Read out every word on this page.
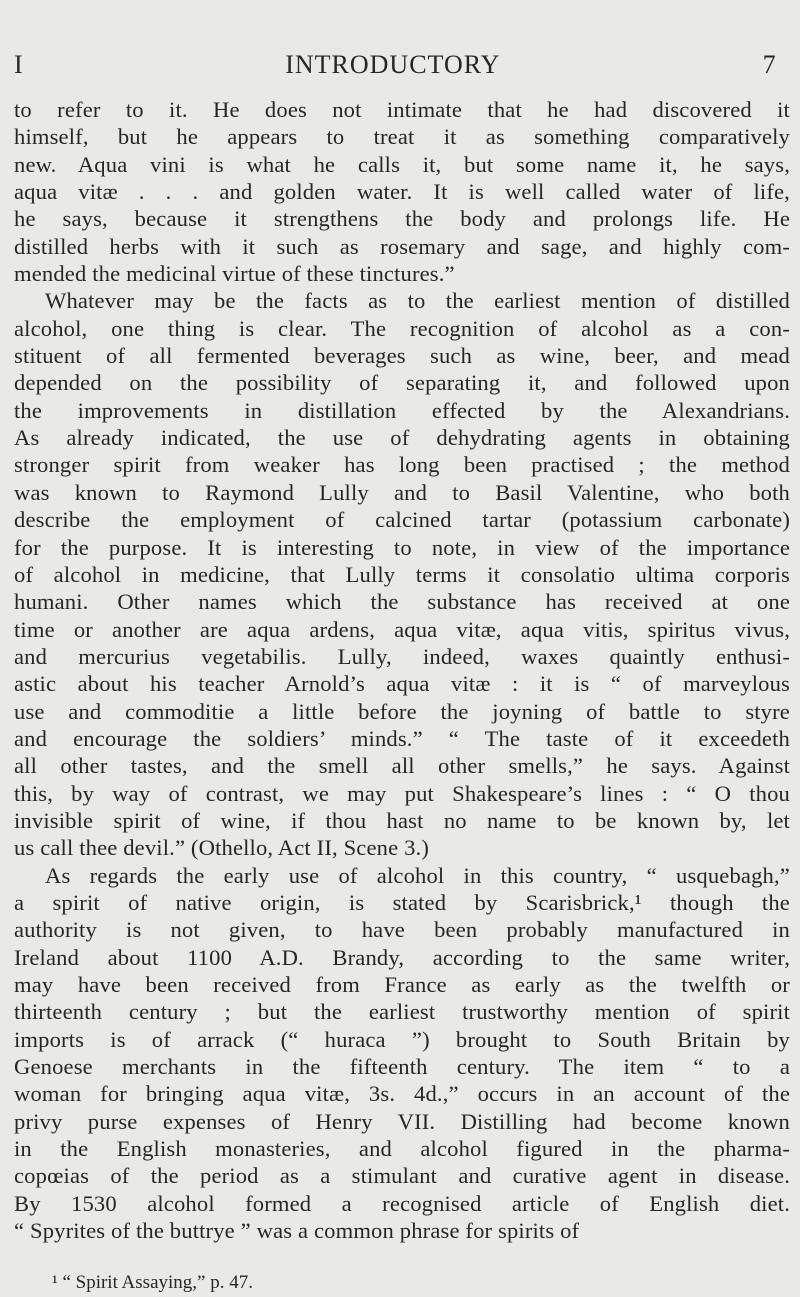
I	INTRODUCTORY	7
to refer to it. He does not intimate that he had discovered it
himself, but he appears to treat it as something comparatively
new. Aqua vini is what he calls it, but some name it, he says,
aqua vitæ . . . and golden water. It is well called water of life,
he says, because it strengthens the body and prolongs life. He
distilled herbs with it such as rosemary and sage, and highly com-
mended the medicinal virtue of these tinctures.”
Whatever may be the facts as to the earliest mention of distilled
alcohol, one thing is clear. The recognition of alcohol as a con-
stituent of all fermented beverages such as wine, beer, and mead
depended on the possibility of separating it, and followed upon
the improvements in distillation effected by the Alexandrians.
As already indicated, the use of dehydrating agents in obtaining
stronger spirit from weaker has long been practised ; the method
was known to Raymond Lully and to Basil Valentine, who both
describe the employment of calcined tartar (potassium carbonate)
for the purpose. It is interesting to note, in view of the importance
of alcohol in medicine, that Lully terms it consolatio ultima corporis
humani. Other names which the substance has received at one
time or another are aqua ardens, aqua vitæ, aqua vitis, spiritus vivus,
and mercurius vegetabilis. Lully, indeed, waxes quaintly enthusi-
astic about his teacher Arnold’s aqua vitæ : it is “ of marveylous
use and commoditie a little before the joyning of battle to styre
and encourage the soldiers’ minds.” “ The taste of it exceedeth
all other tastes, and the smell all other smells,” he says. Against
this, by way of contrast, we may put Shakespeare’s lines : “ O thou
invisible spirit of wine, if thou hast no name to be known by, let
us call thee devil.” (Othello, Act II, Scene 3.)
As regards the early use of alcohol in this country, “ usquebagh,”
a spirit of native origin, is stated by Scarisbrick,¹ though the
authority is not given, to have been probably manufactured in
Ireland about 1100 A.D. Brandy, according to the same writer,
may have been received from France as early as the twelfth or
thirteenth century ; but the earliest trustworthy mention of spirit
imports is of arrack (“ huraca ”) brought to South Britain by
Genoese merchants in the fifteenth century. The item “ to a
woman for bringing aqua vitæ, 3s. 4d.,” occurs in an account of the
privy purse expenses of Henry VII. Distilling had become known
in the English monasteries, and alcohol figured in the pharma-
copœias of the period as a stimulant and curative agent in disease.
By 1530 alcohol formed a recognised article of English diet.
“ Spyrites of the buttrye ” was a common phrase for spirits of
¹ “ Spirit Assaying,” p. 47.
